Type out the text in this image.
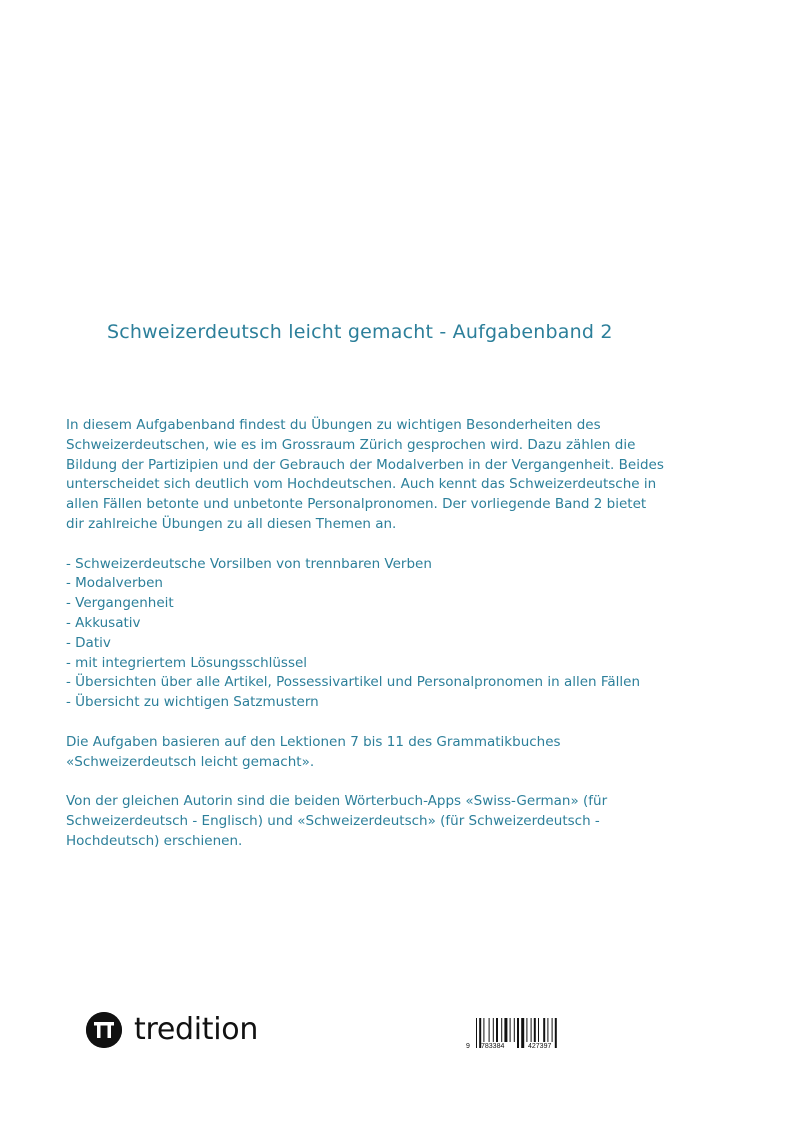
Schweizerdeutsch leicht gemacht - Aufgabenband 2

In diesem Aufgabenband findest du Übungen zu wichtigen Besonderheiten des

Schweizerdeutschen, wie es im Grossraum Zürich gesprochen wird. Dazu zählen die

Bildung der Partizipien und der Gebrauch der Modalverben in der Vergangenheit. Beides

unterscheidet sich deutlich vom Hochdeutschen. Auch kennt das Schweizerdeutsche in

allen Fällen betonte und unbetonte Personalpronomen. Der vorliegende Band 2 bietet

dir zahlreiche Übungen zu all diesen Themen an.

- Schweizerdeutsche Vorsilben von trennbaren Verben
- Modalverben
- Vergangenheit
- Akkusativ
- Dativ
- mit integriertem Lösungsschlüssel
- Übersichten über alle Artikel, Possessivartikel und Personalpronomen in allen Fällen
- Übersicht zu wichtigen Satzmustern

Die Aufgaben basieren auf den Lektionen 7 bis 11 des Grammatikbuches

«Schweizerdeutsch leicht gemacht».

Von der gleichen Autorin sind die beiden Wörterbuch-Apps «Swiss-German» (für

Schweizerdeutsch - Englisch) und «Schweizerdeutsch» (für Schweizerdeutsch -

Hochdeutsch) erschienen.

tredition	9 783384	427397
